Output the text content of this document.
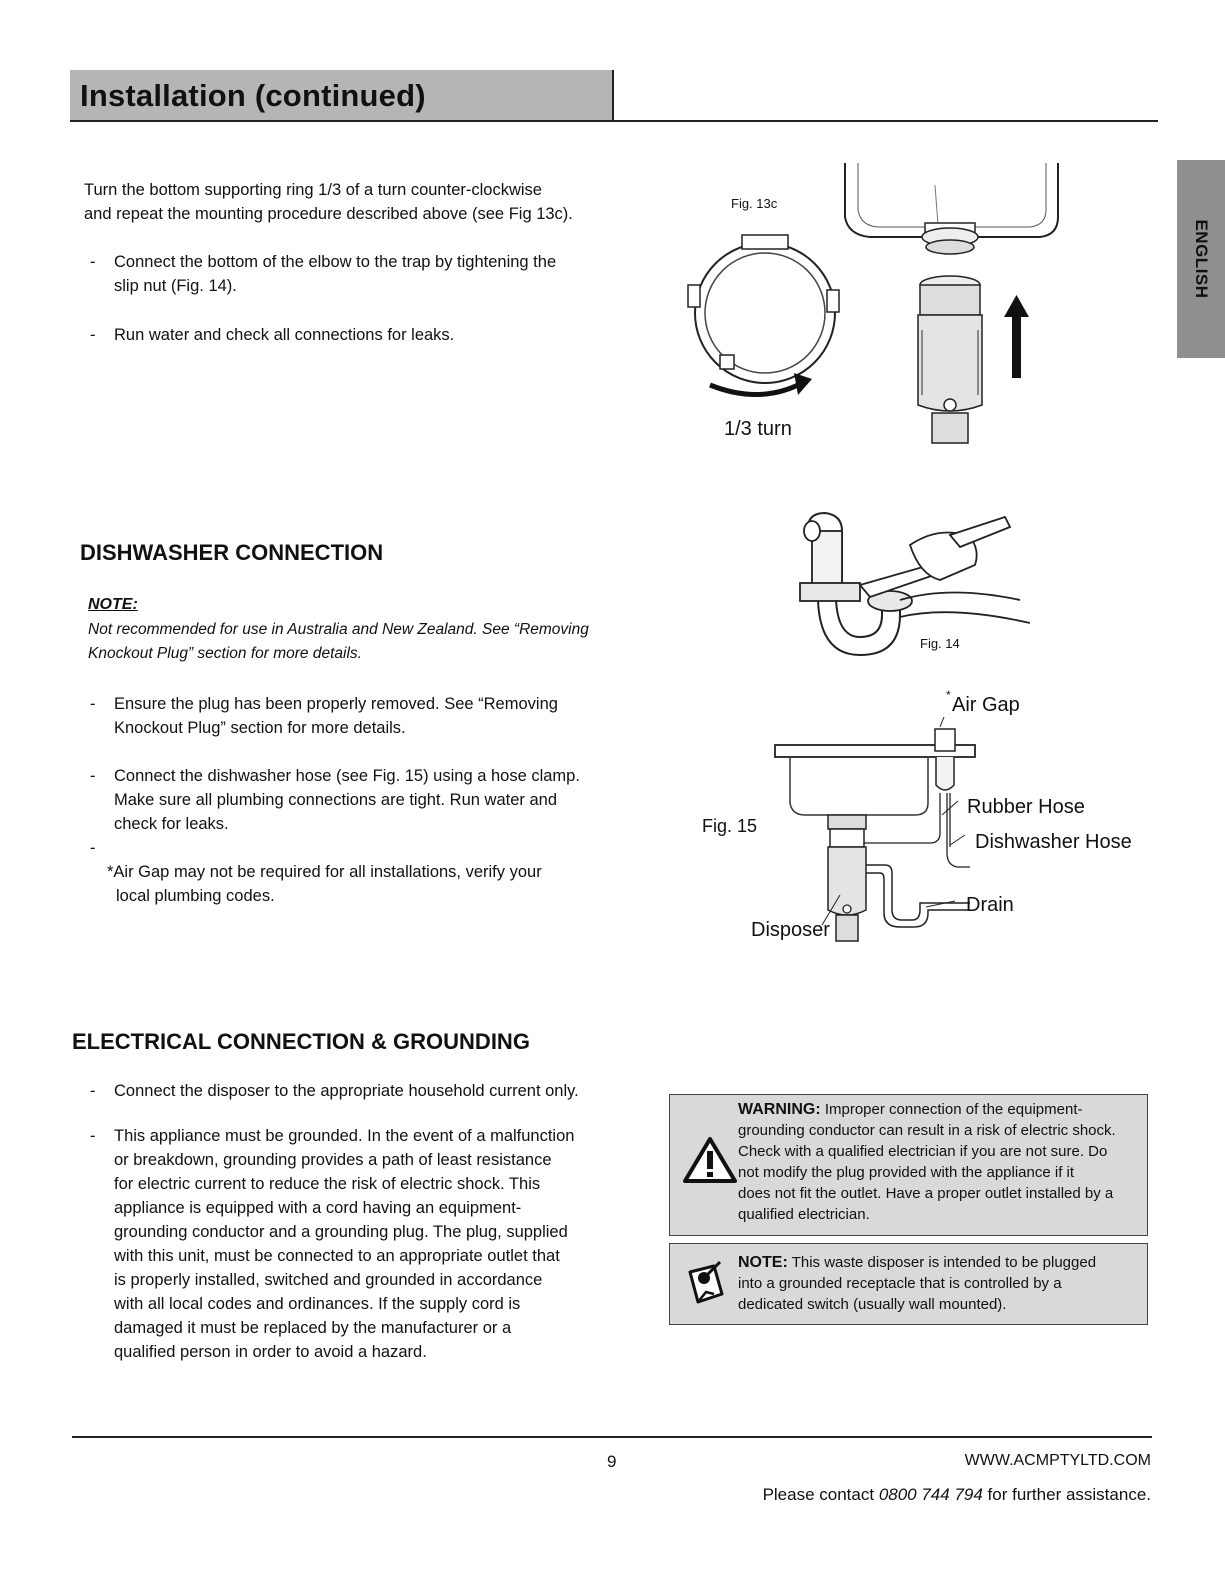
Installation (continued)
ENGLISH
Turn the bottom supporting ring 1/3 of a turn counter-clockwise
and repeat the mounting procedure described above (see Fig 13c).
- Connect the bottom of the elbow to the trap by tightening the
slip nut (Fig. 14).
- Run water and check all connections for leaks.
Fig. 13c
1/3 turn
Fig. 14
* Air Gap
Rubber Hose
Dishwasher Hose
Drain
Disposer
Fig. 15
DISHWASHER CONNECTION
NOTE:
Not recommended for use in Australia and New Zealand. See “Removing
Knockout Plug” section for more details.
- Ensure the plug has been properly removed. See “Removing
Knockout Plug” section for more details.
- Connect the dishwasher hose (see Fig. 15) using a hose clamp.
Make sure all plumbing connections are tight. Run water and
check for leaks.
-
*Air Gap may not be required for all installations, verify your
local plumbing codes.
ELECTRICAL CONNECTION & GROUNDING
- Connect the disposer to the appropriate household current only.
- This appliance must be grounded. In the event of a malfunction
or breakdown, grounding provides a path of least resistance
for electric current to reduce the risk of electric shock. This
appliance is equipped with a cord having an equipment-
grounding conductor and a grounding plug. The plug, supplied
with this unit, must be connected to an appropriate outlet that
is properly installed, switched and grounded in accordance
with all local codes and ordinances. If the supply cord is
damaged it must be replaced by the manufacturer or a
qualified person in order to avoid a hazard.
WARNING: Improper connection of the equipment-
grounding conductor can result in a risk of electric shock.
Check with a qualified electrician if you are not sure. Do
not modify the plug provided with the appliance if it
does not fit the outlet. Have a proper outlet installed by a
qualified electrician.
NOTE: This waste disposer is intended to be plugged
into a grounded receptacle that is controlled by a
dedicated switch (usually wall mounted).
9	WWW.ACMPTYLTD.COM
Please contact 0800 744 794 for further assistance.
